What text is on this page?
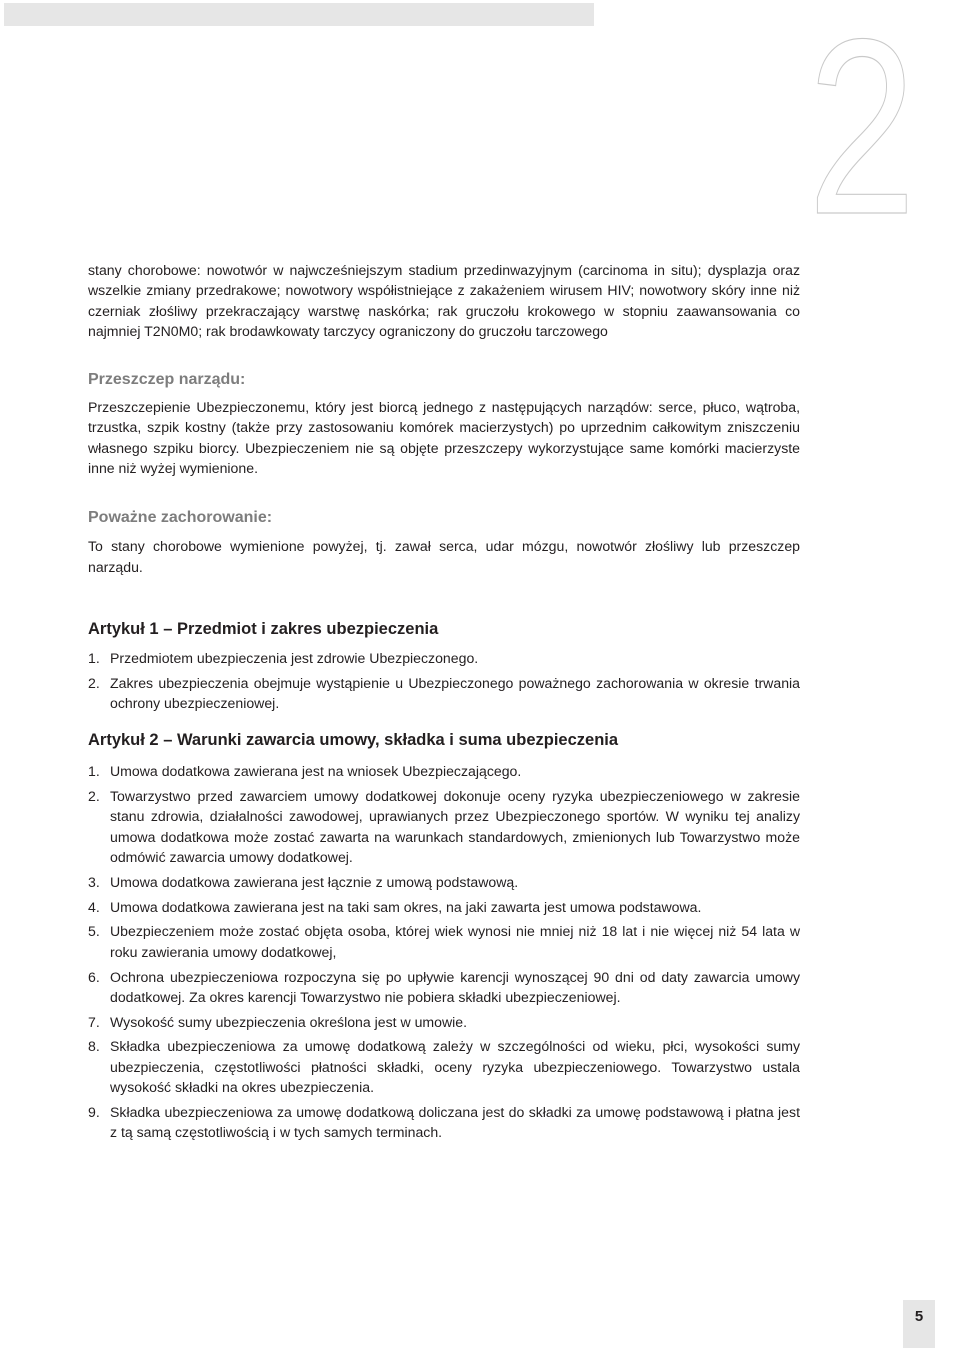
2

stany chorobowe: nowotwór w najwcześniejszym stadium przedinwazyjnym (carcinoma in situ); dysplazja oraz wszelkie zmiany przedrakowe; nowotwory współistniejące z zakażeniem wirusem HIV; nowotwory skóry inne niż czerniak złośliwy przekraczający warstwę naskórka; rak gruczołu krokowego w stopniu zaawansowania co najmniej T2N0M0; rak brodawkowaty tarczycy ograniczony do gruczołu tarczowego

Przeszczep narządu:

Przeszczepienie Ubezpieczonemu, który jest biorcą jednego z następujących narządów: serce, płuco, wątroba, trzustka, szpik kostny (także przy zastosowaniu komórek macierzystych) po uprzednim całkowitym zniszczeniu własnego szpiku biorcy. Ubezpieczeniem nie są objęte przeszczepy wykorzystujące same komórki macierzyste inne niż wyżej wymienione.

Poważne zachorowanie:

To stany chorobowe wymienione powyżej, tj. zawał serca, udar mózgu, nowotwór złośliwy lub przeszczep narządu.

Artykuł 1 – Przedmiot i zakres ubezpieczenia
1. Przedmiotem ubezpieczenia jest zdrowie Ubezpieczonego.
2. Zakres ubezpieczenia obejmuje wystąpienie u Ubezpieczonego poważnego zachorowania w okresie trwania ochrony ubezpieczeniowej.
Artykuł 2 – Warunki zawarcia umowy, składka i suma ubezpieczenia
1. Umowa dodatkowa zawierana jest na wniosek Ubezpieczającego.
2. Towarzystwo przed zawarciem umowy dodatkowej dokonuje oceny ryzyka ubezpieczeniowego w zakresie stanu zdrowia, działalności zawodowej, uprawianych przez Ubezpieczonego sportów. W wyniku tej analizy umowa dodatkowa może zostać zawarta na warunkach standardowych, zmienionych lub Towarzystwo może odmówić zawarcia umowy dodatkowej.
3. Umowa dodatkowa zawierana jest łącznie z umową podstawową.
4. Umowa dodatkowa zawierana jest na taki sam okres, na jaki zawarta jest umowa podstawowa.
5. Ubezpieczeniem może zostać objęta osoba, której wiek wynosi nie mniej niż 18 lat i nie więcej niż 54 lata w roku zawierania umowy dodatkowej,
6. Ochrona ubezpieczeniowa rozpoczyna się po upływie karencji wynoszącej 90 dni od daty zawarcia umowy dodatkowej. Za okres karencji Towarzystwo nie pobiera składki ubezpieczeniowej.
7. Wysokość sumy ubezpieczenia określona jest w umowie.
8. Składka ubezpieczeniowa za umowę dodatkową zależy w szczególności od wieku, płci, wysokości sumy ubezpieczenia, częstotliwości płatności składki, oceny ryzyka ubezpieczeniowego. Towarzystwo ustala wysokość składki na okres ubezpieczenia.
9. Składka ubezpieczeniowa za umowę dodatkową doliczana jest do składki za umowę podstawową i płatna jest z tą samą częstotliwością i w tych samych terminach.
5
